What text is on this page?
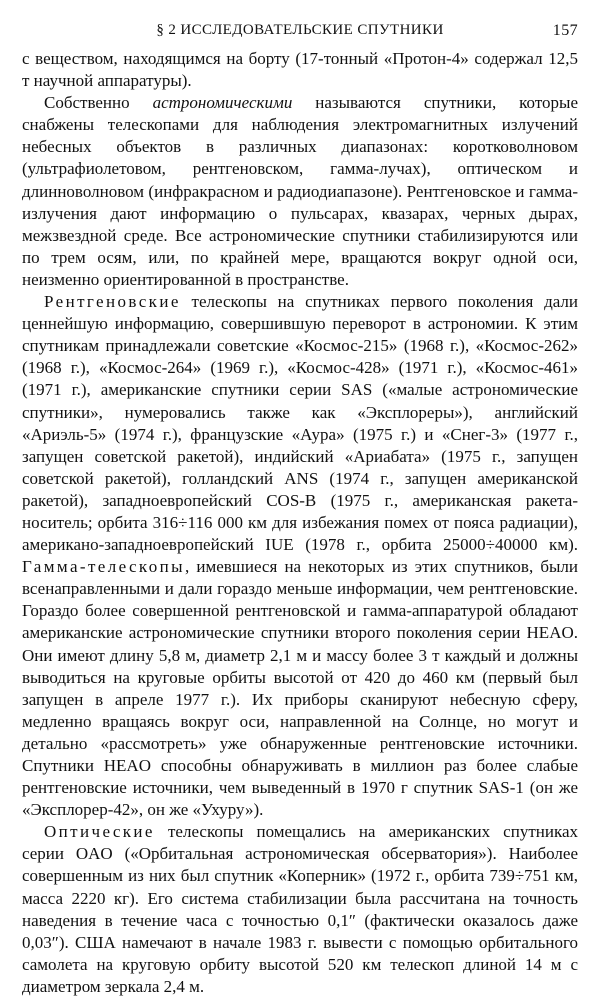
§ 2 ИССЛЕДОВАТЕЛЬСКИЕ СПУТНИКИ	157

с веществом, находящимся на борту (17-тонный «Протон-4» содержал 12,5 т научной аппаратуры).

Собственно астрономическими называются спутники, которые снабжены телескопами для наблюдения электромагнитных излучений небесных объектов в различных диапазонах: коротковолновом (ультрафиолетовом, рентгеновском, гамма-лучах), оптическом и длинноволновом (инфракрасном и радиодиапазоне). Рентгеновское и гамма-излучения дают информацию о пульсарах, квазарах, черных дырах, межзвездной среде. Все астрономические спутники стабилизируются или по трем осям, или, по крайней мере, вращаются вокруг одной оси, неизменно ориентированной в пространстве.

Рентгеновские телескопы на спутниках первого поколения дали ценнейшую информацию, совершившую переворот в астрономии. К этим спутникам принадлежали советские «Космос-215» (1968 г.), «Космос-262» (1968 г.), «Космос-264» (1969 г.), «Космос-428» (1971 г.), «Космос-461» (1971 г.), американские спутники серии SAS («малые астрономические спутники», нумеровались также как «Эксплореры»), английский «Ариэль-5» (1974 г.), французские «Аура» (1975 г.) и «Снег-3» (1977 г., запущен советской ракетой), индийский «Ариабата» (1975 г., запущен советской ракетой), голландский ANS (1974 г., запущен американской ракетой), западноевропейский COS-B (1975 г., американская ракета-носитель; орбита 316÷116 000 км для избежания помех от пояса радиации), американо-западноевропейский IUE (1978 г., орбита 25000÷40000 км). Гамма-телескопы, имевшиеся на некоторых из этих спутников, были всенаправленными и дали гораздо меньше информации, чем рентгеновские. Гораздо более совершенной рентгеновской и гамма-аппаратурой обладают американские астрономические спутники второго поколения серии HEAO. Они имеют длину 5,8 м, диаметр 2,1 м и массу более 3 т каждый и должны выводиться на круговые орбиты высотой от 420 до 460 км (первый был запущен в апреле 1977 г.). Их приборы сканируют небесную сферу, медленно вращаясь вокруг оси, направленной на Солнце, но могут и детально «рассмотреть» уже обнаруженные рентгеновские источники. Спутники HEAO способны обнаруживать в миллион раз более слабые рентгеновские источники, чем выведенный в 1970 г спутник SAS-1 (он же «Эксплорер-42», он же «Ухуру»).

Оптические телескопы помещались на американских спутниках серии OAO («Орбитальная астрономическая обсерватория»). Наиболее совершенным из них был спутник «Коперник» (1972 г., орбита 739÷751 км, масса 2220 кг). Его система стабилизации была рассчитана на точность наведения в течение часа с точностью 0,1″ (фактически оказалось даже 0,03″). США намечают в начале 1983 г. вывести с помощью орбитального самолета на круговую орбиту высотой 520 км телескоп длиной 14 м с диаметром зеркала 2,4 м.
